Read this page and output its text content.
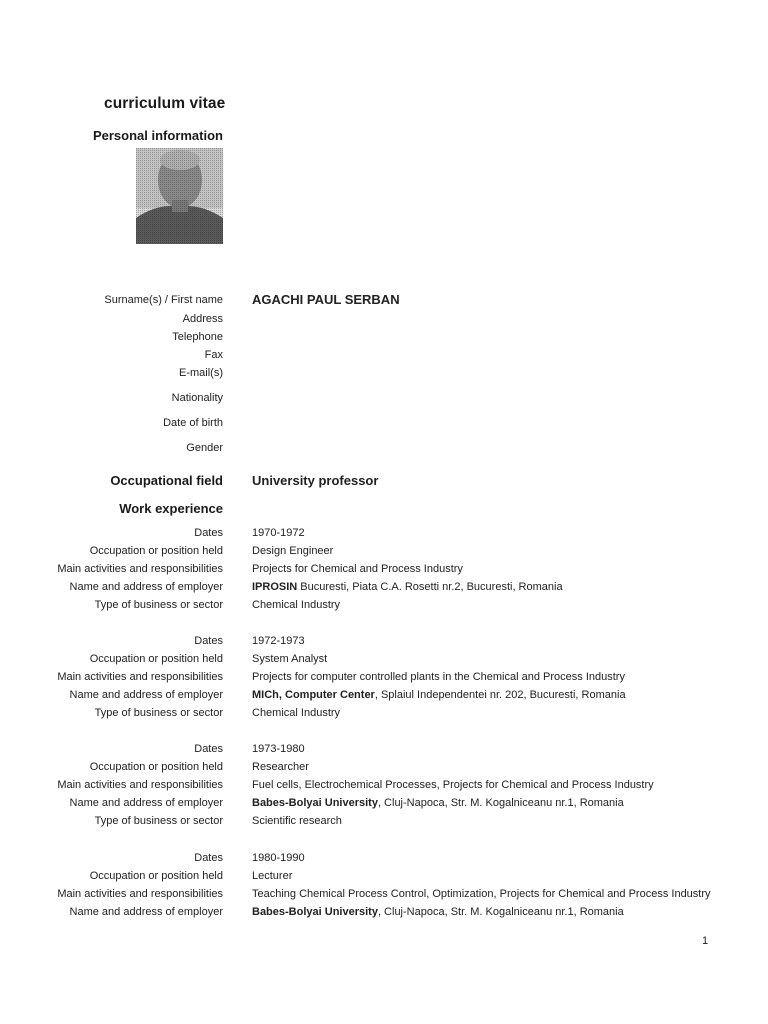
curriculum vitae
Personal information
Surname(s) / First name AGACHI PAUL SERBAN
Address
Telephone
Fax
E-mail(s)
Nationality
Date of birth
Gender
Occupational field University professor
Work experience
Dates	1970-1972
Occupation or position held	Design Engineer
Main activities and responsibilities	Projects for Chemical and Process Industry
Name and address of employer	IPROSIN Bucuresti, Piata C.A. Rosetti nr.2, Bucuresti, Romania
Type of business or sector	Chemical Industry
Dates	1972-1973
Occupation or position held	System Analyst
Main activities and responsibilities	Projects for computer controlled plants in the Chemical and Process Industry
Name and address of employer	MICh, Computer Center, Splaiul Independentei nr. 202, Bucuresti, Romania
Type of business or sector	Chemical Industry
Dates	1973-1980
Occupation or position held	Researcher
Main activities and responsibilities	Fuel cells, Electrochemical Processes, Projects for Chemical and Process Industry
Name and address of employer	Babes-Bolyai University, Cluj-Napoca, Str. M. Kogalniceanu nr.1, Romania
Type of business or sector	Scientific research
Dates	1980-1990
Occupation or position held	Lecturer
Main activities and responsibilities	Teaching Chemical Process Control, Optimization, Projects for Chemical and Process Industry
Name and address of employer	Babes-Bolyai University, Cluj-Napoca, Str. M. Kogalniceanu nr.1, Romania
1
